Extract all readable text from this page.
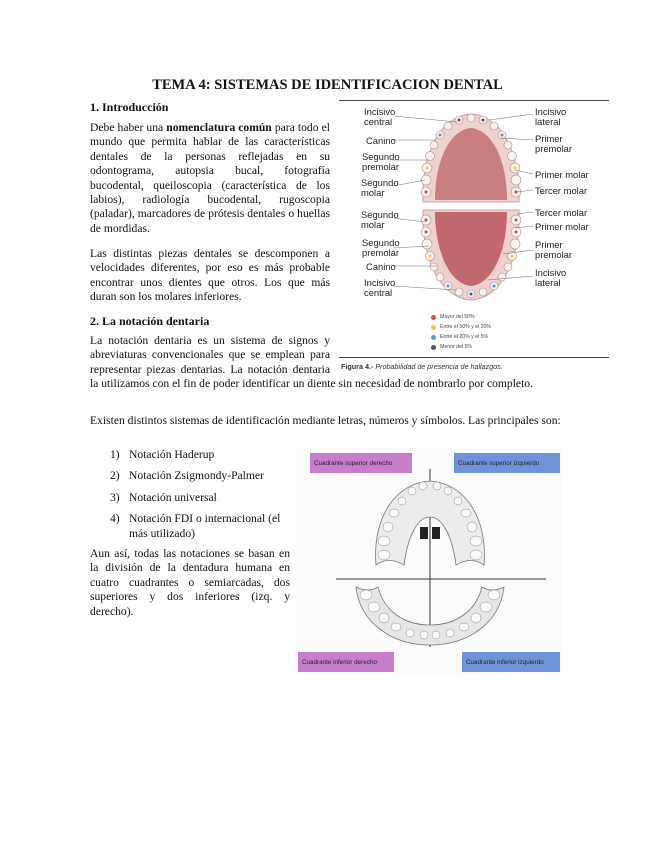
TEMA 4: SISTEMAS DE IDENTIFICACION DENTAL
1. Introducción

Debe haber una nomenclatura común para todo el mundo que permita hablar de las características dentales de la personas reflejadas en su odontograma, autopsia bucal, fotografía bucodental, queiloscopia (característica de los labios), radiología bucodental, rugoscopia (paladar), marcadores de prótesis dentales o huellas de mordidas.

Las distintas piezas dentales se descomponen a velocidades diferentes, por eso es más probable encontrar unos dientes que otros. Los que más duran son los molares inferiores.

2. La notación dentaria

La notación dentaria es un sistema de signos y abreviaturas convencionales que se emplean para representar piezas dentarias. La notación dentaria la utilizamos con el fin de poder identificar un diente sin necesidad de nombrarlo por completo.

Existen distintos sistemas de identificación mediante letras, números y símbolos. Las principales son:

1) Notación Haderup
2) Notación Zsigmondy-Palmer
3) Notación universal
4) Notación FDI o internacional (el más utilizado)

Aun así, todas las notaciones se basan en la división de la dentadura humana en cuatro cuadrantes o semiarcadas, dos superiores y dos inferiores (izq. y derecho).

Incisivo central
Canino
Segundo premolar
Segundo molar
Segundo molar
Segundo premolar
Canino
Incisivo central
Incisivo lateral
Primer premolar
Primer molar
Tercer molar
Tercer molar
Primer molar
Primer premolar
Incisivo lateral
Mayor del 50%
Entre el 50% y el 20%
Entre el 20% y el 5%
Menor del 5%
Figura 4.- Probabilidad de presencia de hallazgos.
Cuadrante superior derecho	Cuadrante superior izquierdo
Cuadrante inferior derecho	Cuadrante inferior izquierdo
